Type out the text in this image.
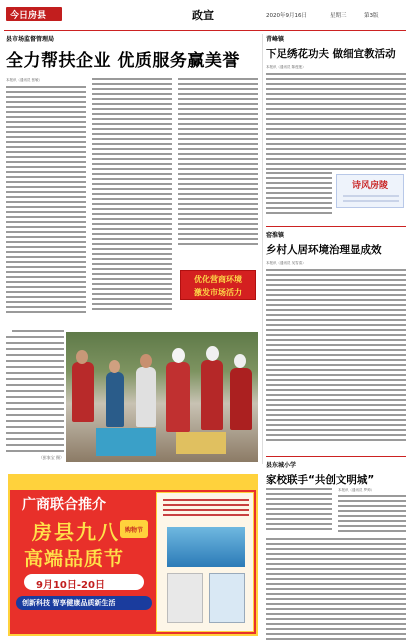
今日房县	政宣	2020年9月16日	星期三	第3版
县市场监督管理局
全力帮扶企业 优质服务赢美誉
本报讯（通讯员 张敏）
优化营商环境
激发市场活力
（彭家宝 摄）
青峰镇
下足绣花功夫 做细宜教活动
本报讯（通讯员 陈莲莲）
诗风房陵
窑淮镇
乡村人居环境治理显成效
本报讯（通讯员 吴雪清）
县东城小学
家校联手“共创文明城”
本报讯（通讯员 罗帅）
广商联合推介
房县九八 购物节
高端品质节
9月10日-20日
创新科技 智享健康品质新生活
